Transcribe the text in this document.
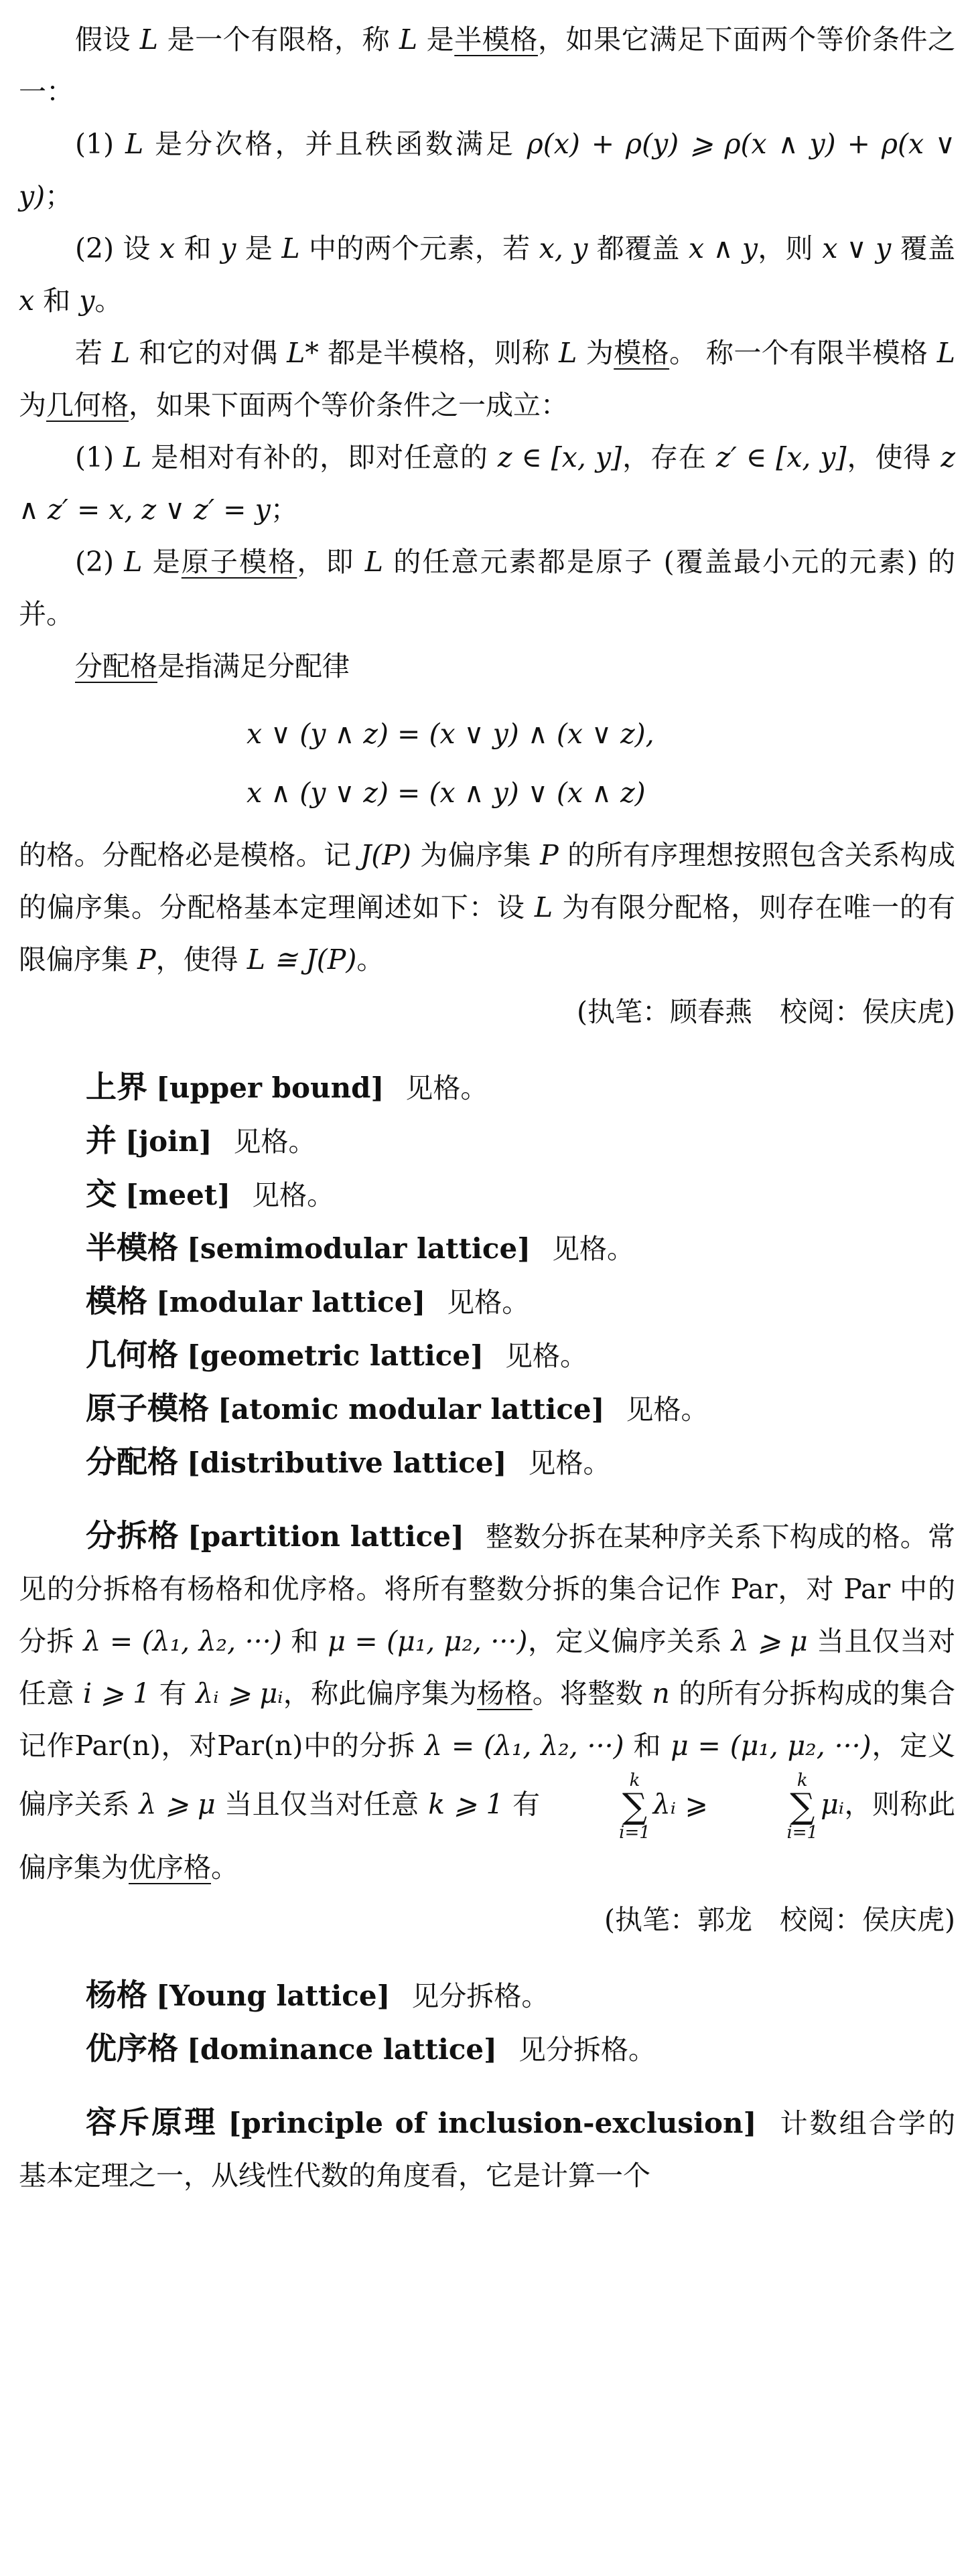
假设 L 是一个有限格，称 L 是半模格，如果它满足下面两个等价条件之一：

(1) L 是分次格，并且秩函数满足 ρ(x) + ρ(y) ⩾ ρ(x ∧ y) + ρ(x ∨ y)；

(2) 设 x 和 y 是 L 中的两个元素，若 x, y 都覆盖 x ∧ y，则 x ∨ y 覆盖 x 和 y。

若 L 和它的对偶 L* 都是半模格，则称 L 为模格。 称一个有限半模格 L 为几何格，如果下面两个等价条件之一成立：

(1) L 是相对有补的，即对任意的 z ∈ [x, y]，存在 z′ ∈ [x, y]，使得 z ∧ z′ = x, z ∨ z′ = y；

(2) L 是原子模格，即 L 的任意元素都是原子 (覆盖最小元的元素) 的并。

分配格是指满足分配律

x ∨ (y ∧ z) = (x ∨ y) ∧ (x ∨ z),
x ∧ (y ∨ z) = (x ∧ y) ∨ (x ∧ z)

的格。分配格必是模格。记 J(P) 为偏序集 P 的所有序理想按照包含关系构成的偏序集。分配格基本定理阐述如下：设 L 为有限分配格，则存在唯一的有限偏序集 P，使得 L ≅ J(P)。

(执笔：顾春燕　校阅：侯庆虎)

上界 [upper bound] 见格。

并 [join] 见格。

交 [meet] 见格。

半模格 [semimodular lattice] 见格。

模格 [modular lattice] 见格。

几何格 [geometric lattice] 见格。

原子模格 [atomic modular lattice] 见格。

分配格 [distributive lattice] 见格。

分拆格 [partition lattice] 整数分拆在某种序关系下构成的格。常见的分拆格有杨格和优序格。将所有整数分拆的集合记作 Par，对 Par 中的分拆 λ = (λ₁, λ₂, ···) 和 μ = (μ₁, μ₂, ···)，定义偏序关系 λ ⩾ μ 当且仅当对任意 i ⩾ 1 有 λᵢ ⩾ μᵢ，称此偏序集为杨格。将整数 n 的所有分拆构成的集合记作Par(n)，对Par(n)中的分拆 λ = (λ₁, λ₂, ···) 和 μ = (μ₁, μ₂, ···)，定义偏序关系 λ ⩾ μ 当且仅当对任意 k ⩾ 1 有
k
∑
i=1
λᵢ ⩾
k
∑
i=1
μᵢ，则称此偏序集为优序格。

(执笔：郭龙　校阅：侯庆虎)

杨格 [Young lattice] 见分拆格。

优序格 [dominance lattice] 见分拆格。

容斥原理 [principle of inclusion-exclusion] 计数组合学的基本定理之一，从线性代数的角度看，它是计算一个
